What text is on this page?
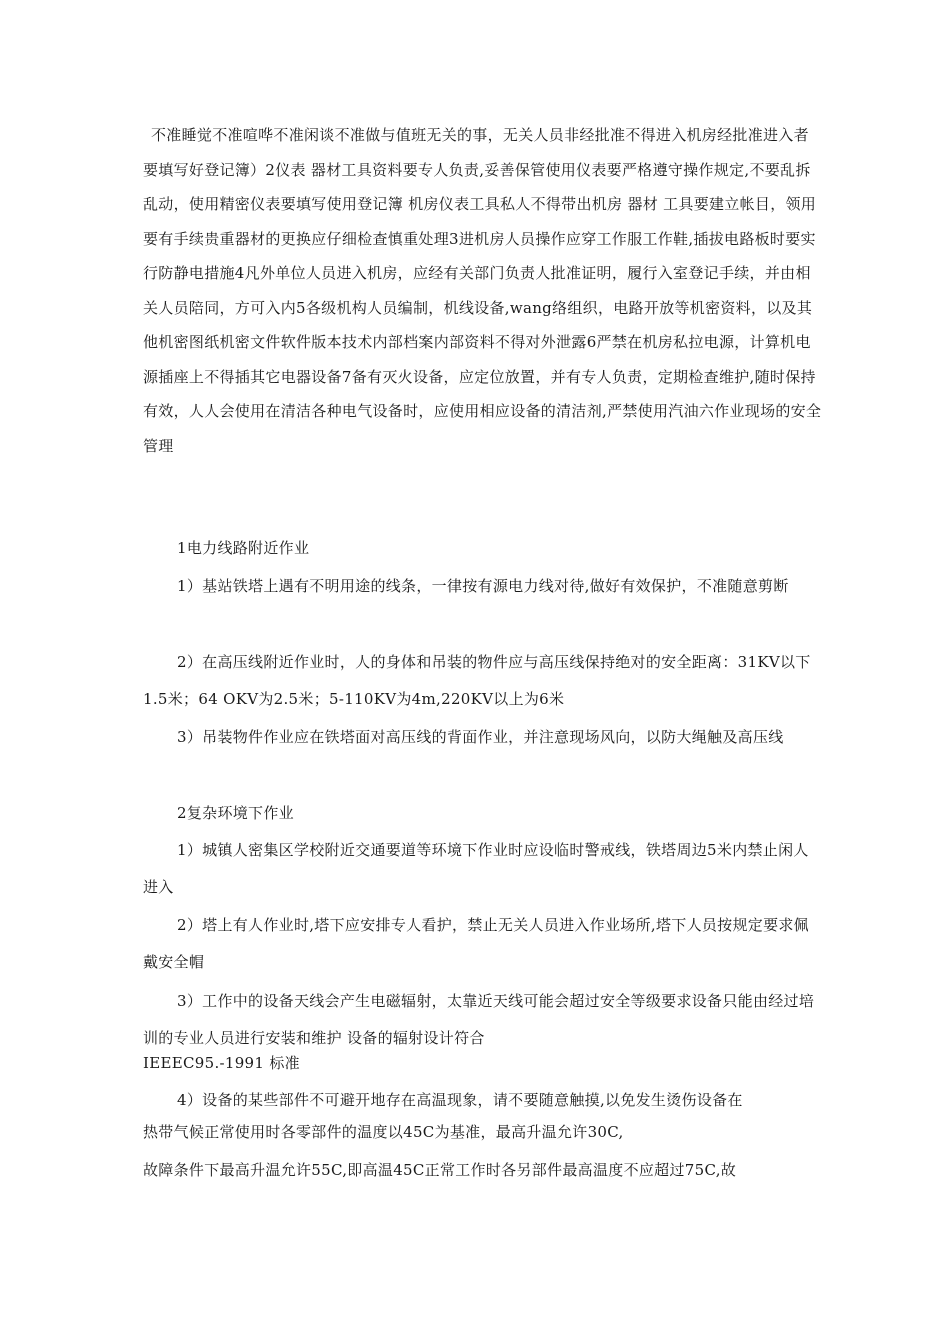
不准睡觉不准喧哗不准闲谈不准做与值班无关的事，无关人员非经批准不得进入机房经批准进入者要填写好登记簿）2仪表 器材工具资料要专人负责,妥善保管使用仪表要严格遵守操作规定,不要乱拆乱动，使用精密仪表要填写使用登记簿 机房仪表工具私人不得带出机房 器材 工具要建立帐目，领用要有手续贵重器材的更换应仔细检查慎重处理3进机房人员操作应穿工作服工作鞋,插拔电路板时要实行防静电措施4凡外单位人员进入机房，应经有关部门负责人批准证明，履行入室登记手续，并由相关人员陪同，方可入内5各级机构人员编制，机线设备,wang络组织，电路开放等机密资料，以及其他机密图纸机密文件软件版本技术内部档案内部资料不得对外泄露6严禁在机房私拉电源，计算机电源插座上不得插其它电器设备7备有灭火设备，应定位放置，并有专人负责，定期检查维护,随时保持有效，人人会使用在清洁各种电气设备时，应使用相应设备的清洁剂,严禁使用汽油六作业现场的安全管理

1电力线路附近作业

1）基站铁塔上遇有不明用途的线条，一律按有源电力线对待,做好有效保护，不准随意剪断

2）在高压线附近作业时，人的身体和吊装的物件应与高压线保持绝对的安全距离：31KV以下1.5米；64 OKV为2.5米；5-110KV为4m,220KV以上为6米

3）吊装物件作业应在铁塔面对高压线的背面作业，并注意现场风向，以防大绳触及高压线

2复杂环境下作业

1）城镇人密集区学校附近交通要道等环境下作业时应设临时警戒线，铁塔周边5米内禁止闲人进入

2）塔上有人作业时,塔下应安排专人看护，禁止无关人员进入作业场所,塔下人员按规定要求佩戴安全帽

3）工作中的设备天线会产生电磁辐射，太靠近天线可能会超过安全等级要求设备只能由经过培训的专业人员进行安装和维护 设备的辐射设计符合

IEEEC95.-1991 标准

4）设备的某些部件不可避开地存在高温现象，请不要随意触摸,以免发生烫伤设备在

热带气候正常使用时各零部件的温度以45C为基准，最高升温允许30C,

故障条件下最高升温允许55C,即高温45C正常工作时各另部件最高温度不应超过75C,故
